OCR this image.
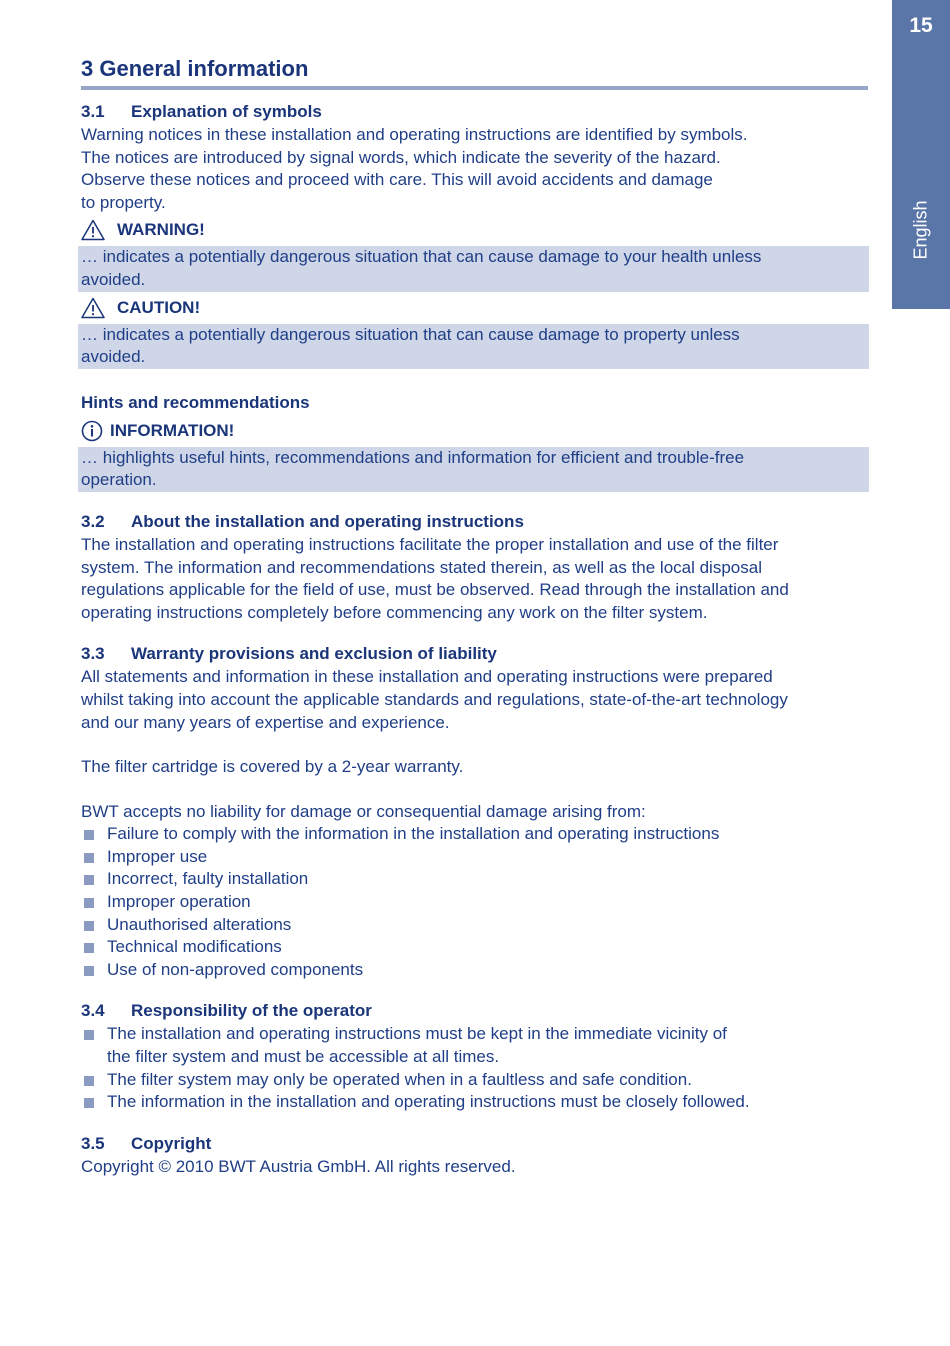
15
English
3 General information
3.1 Explanation of symbols

Warning notices in these installation and operating instructions are identified by symbols.

The notices are introduced by signal words, which indicate the severity of the hazard.

Observe these notices and proceed with care. This will avoid accidents and damage

to property.

WARNING!
… indicates a potentially dangerous situation that can cause damage to your health unless
avoided.
CAUTION!
… indicates a potentially dangerous situation that can cause damage to property unless
avoided.
Hints and recommendations
INFORMATION!
… highlights useful hints, recommendations and information for efficient and trouble-free
operation.
3.2 About the installation and operating instructions

The installation and operating instructions facilitate the proper installation and use of the filter

system. The information and recommendations stated therein, as well as the local disposal

regulations applicable for the field of use, must be observed. Read through the installation and

operating instructions completely before commencing any work on the filter system.

3.3 Warranty provisions and exclusion of liability

All statements and information in these installation and operating instructions were prepared

whilst taking into account the applicable standards and regulations, state-of-the-art technology

and our many years of expertise and experience.

The filter cartridge is covered by a 2-year warranty.

BWT accepts no liability for damage or consequential damage arising from:

Failure to comply with the information in the installation and operating instructions
Improper use
Incorrect, faulty installation
Improper operation
Unauthorised alterations
Technical modifications
Use of non-approved components
3.4 Responsibility of the operator
The installation and operating instructions must be kept in the immediate vicinity of
the filter system and must be accessible at all times.
The filter system may only be operated when in a faultless and safe condition.
The information in the installation and operating instructions must be closely followed.
3.5 Copyright

Copyright © 2010 BWT Austria GmbH. All rights reserved.
